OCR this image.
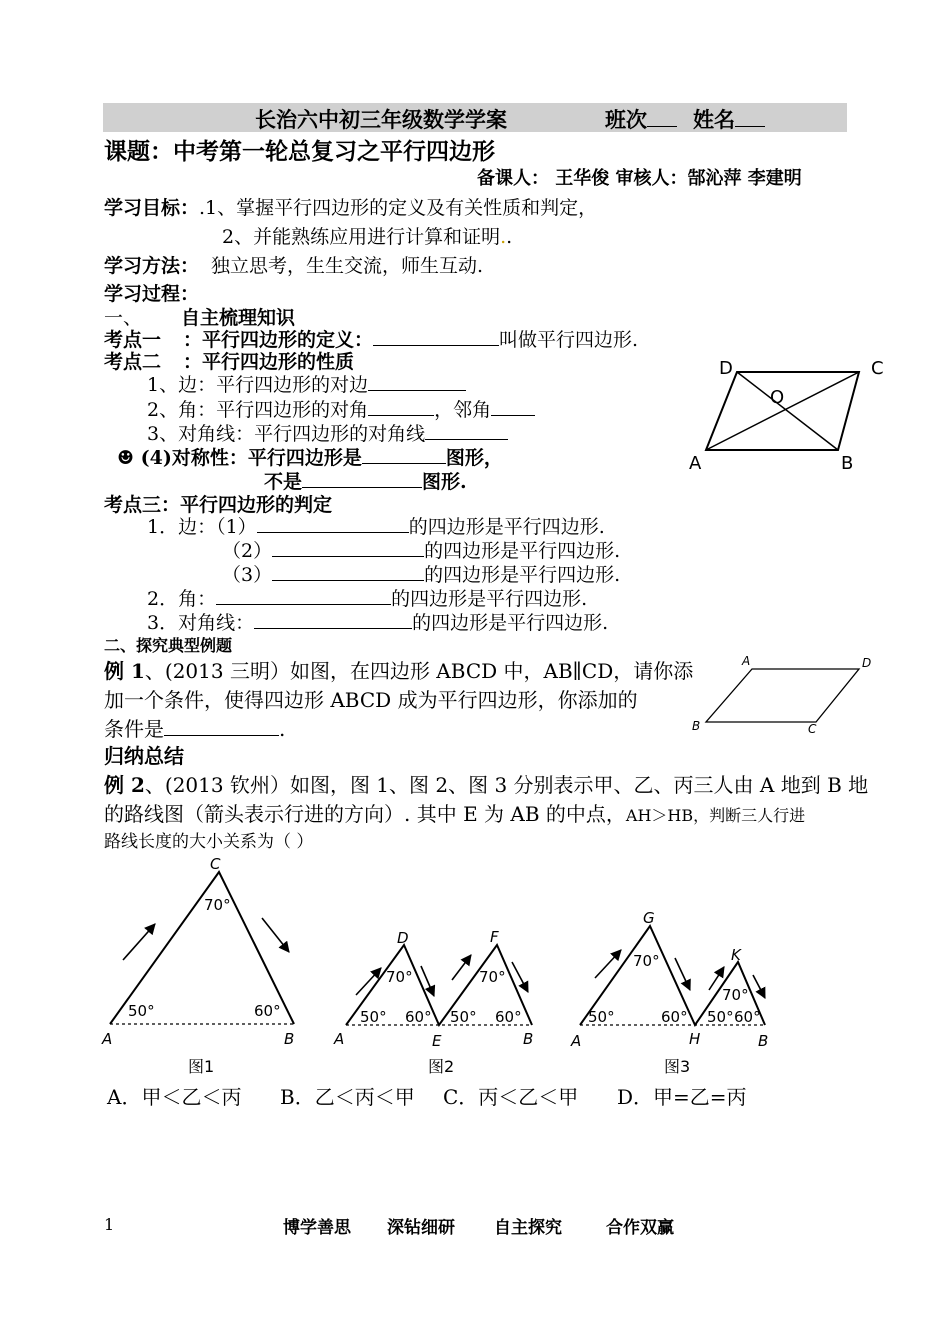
长治六中初三年级数学学案	班次	姓名
课题：中考第一轮总复习之平行四边形
备课人： 王华俊 审核人：郜沁萍 李建明
学习目标：.1、掌握平行四边形的定义及有关性质和判定，
2、并能熟练应用进行计算和证明..
学习方法： 独立思考，生生交流，师生互动.
学习过程：
一、 自主梳理知识
考点一 ：平行四边形的定义：	叫做平行四边形.
考点二 ：平行四边形的性质
1、边：平行四边形的对边
2、角：平行四边形的对角	，邻角
3、对角线：平行四边形的对角线
☻ (4)对称性：平行四边形是	图形，
不是	图形.
D	C
O
A	B
考点三：平行四边形的判定
1．边：（1）	的四边形是平行四边形.
（2）	的四边形是平行四边形.
（3）	的四边形是平行四边形.
2．角：	的四边形是平行四边形.
3．对角线：	的四边形是平行四边形.
二、探究典型例题
例 1、(2013 三明）如图，在四边形 ABCD 中，AB∥CD，请你添
加一个条件，使得四边形 ABCD 成为平行四边形，你添加的
条件是	.
A	D
B	C
归纳总结
例 2、(2013 钦州）如图，图 1、图 2、图 3 分别表示甲、乙、丙三人由 A 地到 B 地
的路线图（箭头表示行进的方向）. 其中 E 为 AB 的中点，AH＞HB，判断三人行进
路线长度的大小关系为（ ）
C
70°
50°	60°
A	B
图1
D	F
70°	70°
50° 60° 50° 60°
A	E	B
图2
G
K
70°
70°
50°	60° 50° 60°
A	H	B
图3
A．甲＜乙＜丙 B．乙＜丙＜甲 C．丙＜乙＜甲 D．甲=乙=丙
1	博学善思 深钻细研 自主探究	合作双赢
